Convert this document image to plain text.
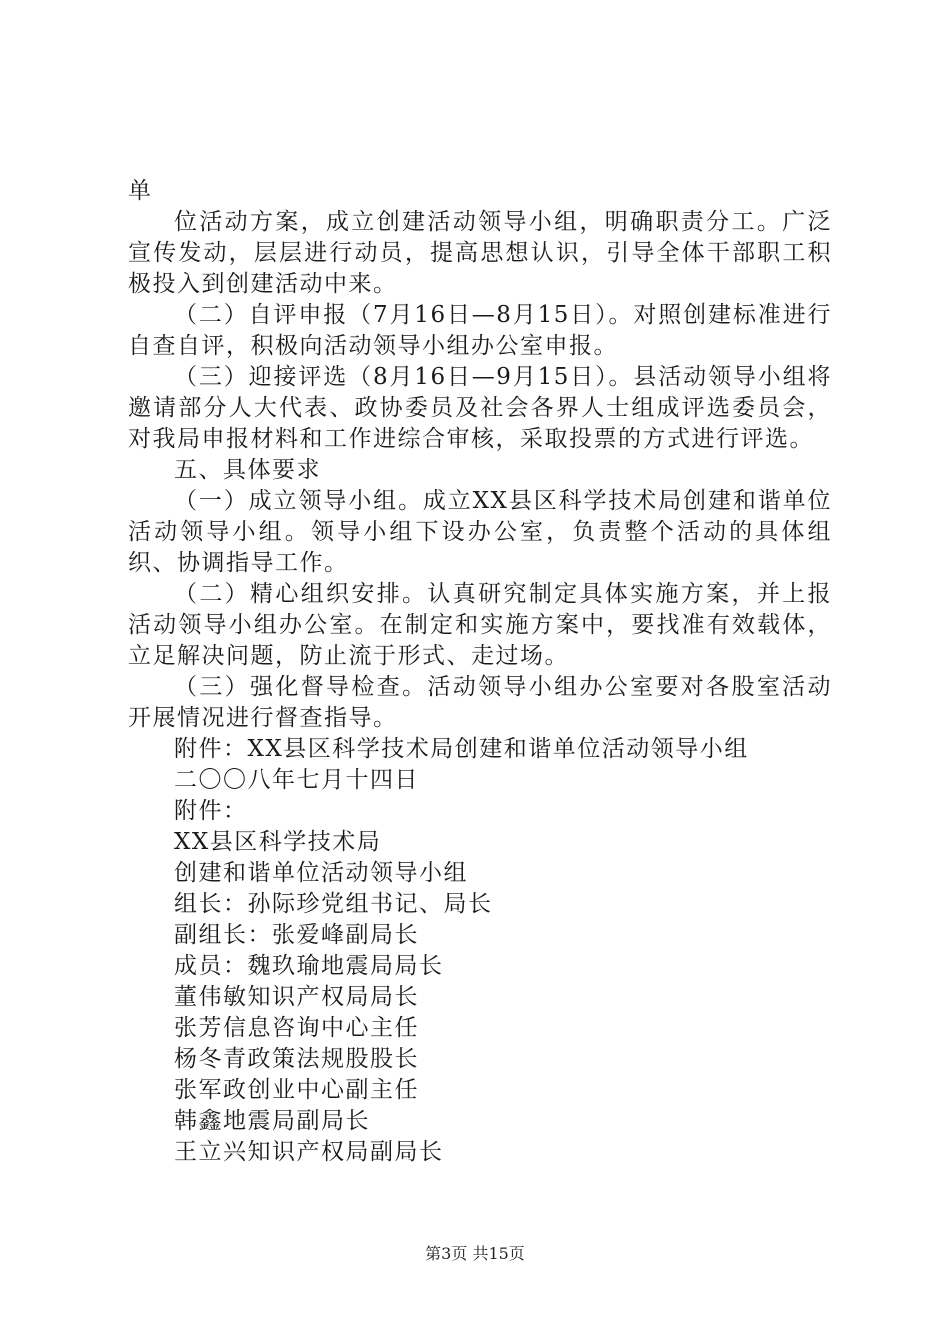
单

位活动方案，成立创建活动领导小组，明确职责分工。广泛宣传发动，层层进行动员，提高思想认识，引导全体干部职工积极投入到创建活动中来。

（二）自评申报（7月16日—8月15日）。对照创建标准进行自查自评，积极向活动领导小组办公室申报。

（三）迎接评选（8月16日—9月15日）。县活动领导小组将邀请部分人大代表、政协委员及社会各界人士组成评选委员会，对我局申报材料和工作进综合审核，采取投票的方式进行评选。

五、具体要求

（一）成立领导小组。成立XX县区科学技术局创建和谐单位活动领导小组。领导小组下设办公室，负责整个活动的具体组织、协调指导工作。

（二）精心组织安排。认真研究制定具体实施方案，并上报活动领导小组办公室。在制定和实施方案中，要找准有效载体，立足解决问题，防止流于形式、走过场。

（三）强化督导检查。活动领导小组办公室要对各股室活动开展情况进行督查指导。

附件：XX县区科学技术局创建和谐单位活动领导小组

二〇〇八年七月十四日

附件：

XX县区科学技术局

创建和谐单位活动领导小组

组长：孙际珍党组书记、局长

副组长：张爱峰副局长

成员：魏玖瑜地震局局长

董伟敏知识产权局局长

张芳信息咨询中心主任

杨冬青政策法规股股长

张军政创业中心副主任

韩鑫地震局副局长

王立兴知识产权局副局长

第3页 共15页
